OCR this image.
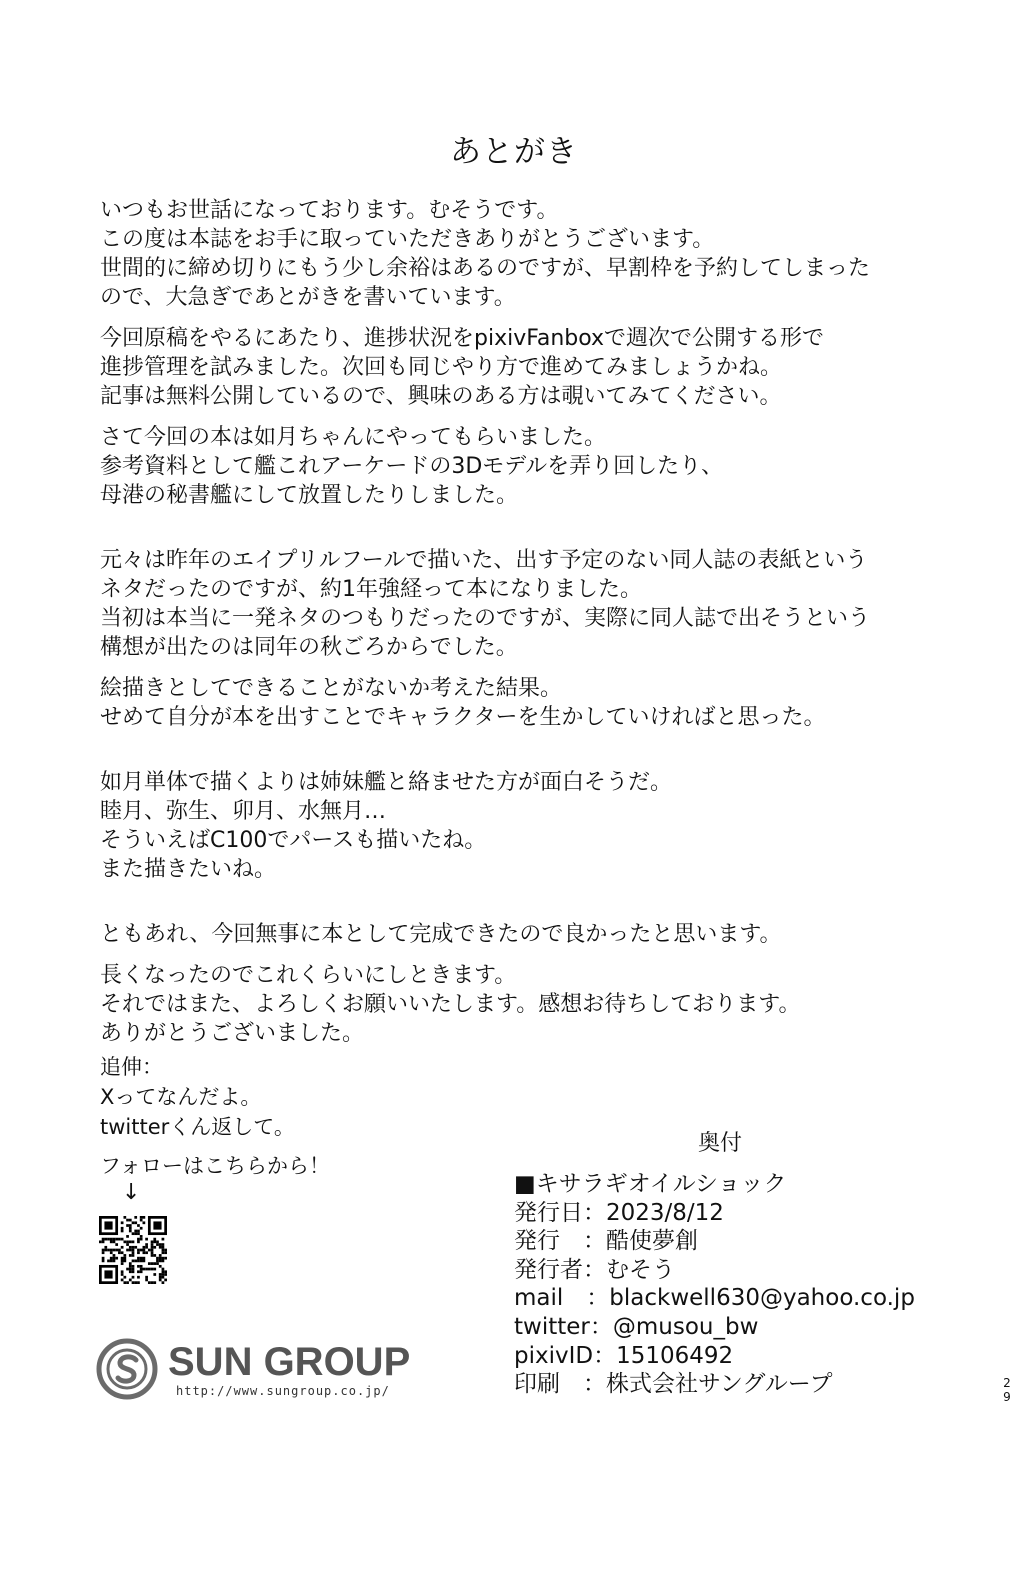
あとがき

いつもお世話になっております。むそうです。
この度は本誌をお手に取っていただきありがとうございます。
世間的に締め切りにもう少し余裕はあるのですが、早割枠を予約してしまった
ので、大急ぎであとがきを書いています。

今回原稿をやるにあたり、進捗状況をpixivFanboxで週次で公開する形で
進捗管理を試みました。次回も同じやり方で進めてみましょうかね。
記事は無料公開しているので、興味のある方は覗いてみてください。

さて今回の本は如月ちゃんにやってもらいました。
参考資料として艦これアーケードの3Dモデルを弄り回したり、
母港の秘書艦にして放置したりしました。

元々は昨年のエイプリルフールで描いた、出す予定のない同人誌の表紙という
ネタだったのですが、約1年強経って本になりました。
当初は本当に一発ネタのつもりだったのですが、実際に同人誌で出そうという
構想が出たのは同年の秋ごろからでした。

絵描きとしてできることがないか考えた結果。
せめて自分が本を出すことでキャラクターを生かしていければと思った。

如月単体で描くよりは姉妹艦と絡ませた方が面白そうだ。
睦月、弥生、卯月、水無月…
そういえばC100でパースも描いたね。
また描きたいね。

ともあれ、今回無事に本として完成できたので良かったと思います。

長くなったのでこれくらいにしときます。
それではまた、よろしくお願いいたします。感想お待ちしております。
ありがとうございました。

追伸：
Xってなんだよ。
twitterくん返して。
フォローはこちらから！
↓
SUN GROUP
http://www.sungroup.co.jp/
奥付
■キサラギオイルショック
発行日：2023/8/12
発行　：酷使夢創
発行者：むそう
mail　：blackwell630@yahoo.co.jp
twitter：@musou_bw
pixivID：15106492
印刷　：株式会社サングループ	2
9
